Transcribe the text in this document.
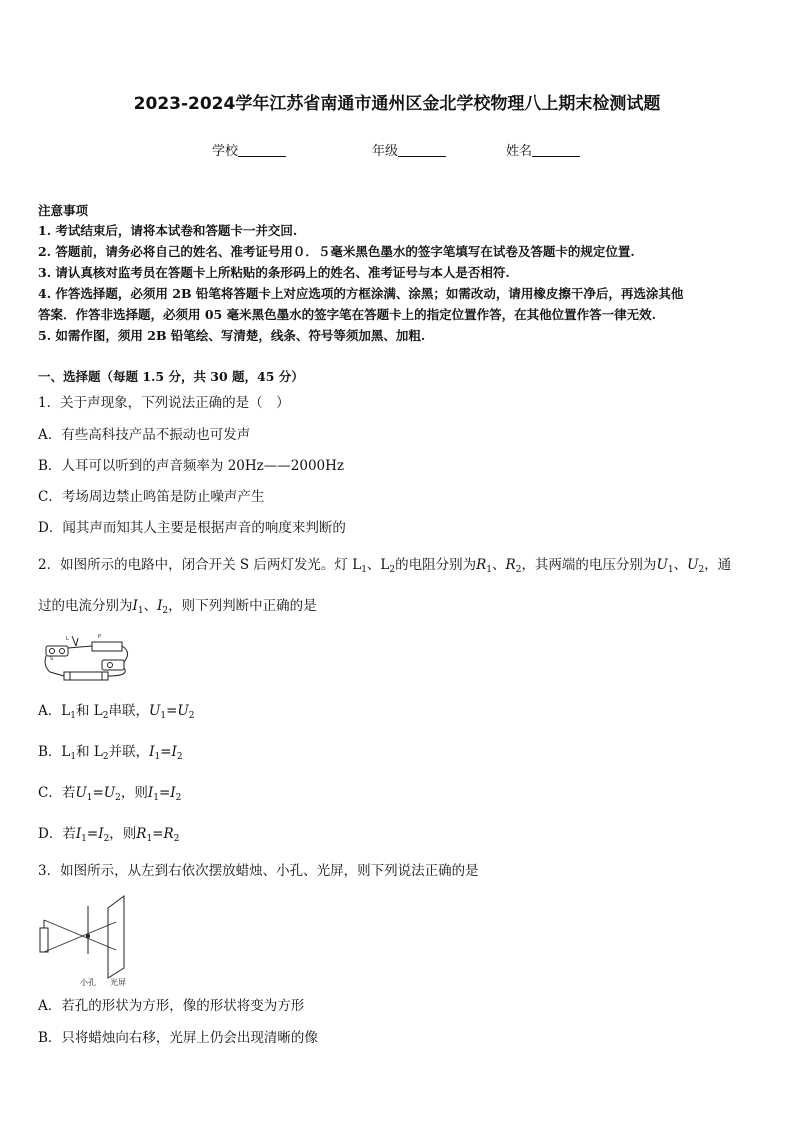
2023-2024学年江苏省南通市通州区金北学校物理八上期末检测试题
学校	年级	姓名
注意事项
1. 考试结束后，请将本试卷和答题卡一并交回.
2. 答题前，请务必将自己的姓名、准考证号用０．５毫米黑色墨水的签字笔填写在试卷及答题卡的规定位置.
3. 请认真核对监考员在答题卡上所粘贴的条形码上的姓名、准考证号与本人是否相符.
4. 作答选择题，必须用 2B 铅笔将答题卡上对应选项的方框涂满、涂黑；如需改动，请用橡皮擦干净后，再选涂其他
答案．作答非选择题，必须用 05 毫米黑色墨水的签字笔在答题卡上的指定位置作答，在其他位置作答一律无效.
5. 如需作图，须用 2B 铅笔绘、写清楚，线条、符号等须加黑、加粗.
一、选择题（每题 1.5 分，共 30 题，45 分）
1．关于声现象，下列说法正确的是（　）
A．有些高科技产品不振动也可发声
B．人耳可以听到的声音频率为 20Hz——2000Hz
C．考场周边禁止鸣笛是防止噪声产生
D．闻其声而知其人主要是根据声音的响度来判断的
2．如图所示的电路中，闭合开关 S 后两灯发光。灯 $L_1$、$L_2$的电阻分别为$R_1$、$R_2$，其两端的电压分别为$U_1$、$U_2$，通
过的电流分别为$I_1$、$I_2$，则下列判断中正确的是
L	P
S
A．$L_1$和 $L_2$串联，$U_1=U_2$
B．$L_1$和 $L_2$并联，$I_1=I_2$
C．若$U_1=U_2$，则$I_1=I_2$
D．若$I_1=I_2$，则$R_1=R_2$
3．如图所示，从左到右依次摆放蜡烛、小孔、光屏，则下列说法正确的是
小孔 光屏
A．若孔的形状为方形，像的形状将变为方形
B．只将蜡烛向右移，光屏上仍会出现清晰的像
